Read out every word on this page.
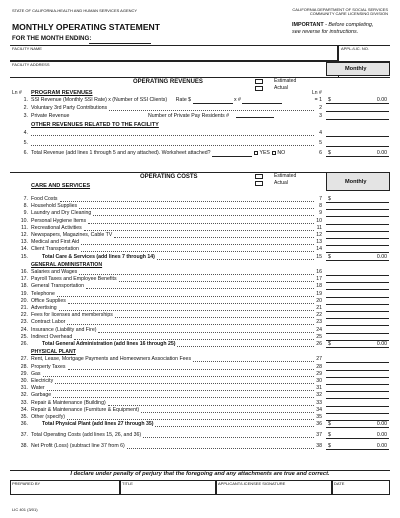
STATE OF CALIFORNIA-HEALTH AND HUMAN SERVICES AGENCY	CALIFORNIA DEPARTMENT OF SOCIAL SERVICES
COMMUNITY CARE LICENSING DIVISION
MONTHLY OPERATING STATEMENT	IMPORTANT - Before completing,
see reverse for instructions.
FOR THE MONTH ENDING:
FACILITY NAME	APPL./LIC. NO.
FACILITY ADDRESS
Monthly
OPERATING REVENUES	Estimated
Actual
Ln #	Ln #
PROGRAM REVENUES
1. SSI Revenue (Monthly SSI Rate) x (Number of SSI Clients) Rate $	x #	= 1 $	0.00
2. Voluntary 3rd Party Contributions	2
3. Private Revenue	Number of Private Pay Residents #	3
OTHER REVENUES RELATED TO THE FACILITY
4.	4
5.	5
6. Total Revenue (add lines 1 through 5 and any attached). Worksheet attached?	YES NO	6 $	0.00
Monthly
OPERATING COSTS	Estimated
Actual
CARE AND SERVICES
7. Food Costs	7 $
8. Household Supplies	8
9. Laundry and Dry Cleaning	9
10. Personal Hygiene Items	10
11. Recreational Activities	11
12. Newspapers, Magazines, Cable TV	12
13. Medical and First Aid	13
14. Client Transportation	14
15.	Total Care & Services (add lines 7 through 14)	15 $	0.00
GENERAL ADMINISTRATION
16. Salaries and Wages	16
17. Payroll Taxes and Employee Benefits	17
18. General Transportation	18
19. Telephone	19
20. Office Supplies	20
21. Advertising	21
22. Fees for licenses and memberships	22
23. Contract Labor	23
24. Insurance (Liability and Fire)	24
25. Indirect Overhead	25
26.	Total General Administration (add lines 16 through 25)	26 $	0.00
PHYSICAL PLANT
27. Rent, Lease, Mortgage Payments and Homeowners Association Fees	27
28. Property Taxes	28
29. Gas	29
30. Electricity	30
31. Water	31
32. Garbage	32
33. Repair & Maintenance (Building)	33
34. Repair & Maintenance (Furniture & Equipment)	34
35. Other (specify)	35
36.	Total Physical Plant (add lines 27 through 35)	36 $	0.00
37. Total Operating Costs (add lines 15, 26, and 36)	37 $	0.00
38. Net Profit (Loss) (subtract line 37 from 6)	38 $	0.00
I declare under penalty of perjury that the foregoing and any attachments are true and correct.
PREPARED BY	TITLE	APPLICANT/LICENSEE SIGNATURE	DATE
LIC 401 (3/01)
